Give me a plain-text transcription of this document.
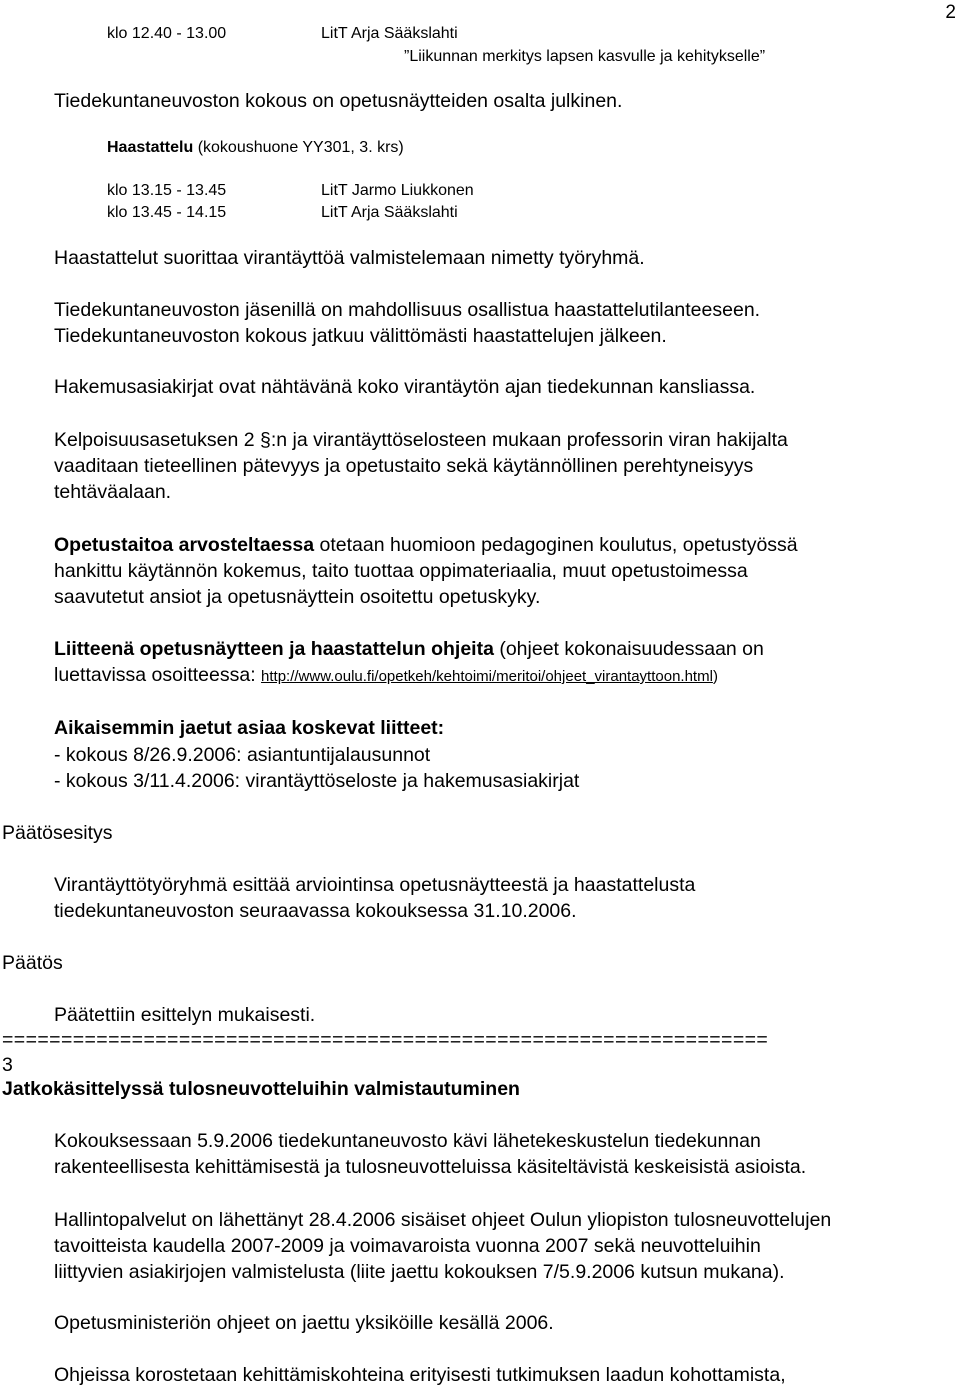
2
klo 12.40 - 13.00	LitT Arja Sääkslahti
”Liikunnan merkitys lapsen kasvulle ja kehitykselle”
Tiedekuntaneuvoston kokous on opetusnäytteiden osalta julkinen.
Haastattelu (kokoushuone YY301, 3. krs)
klo 13.15 - 13.45	LitT Jarmo Liukkonen
klo 13.45 - 14.15	LitT Arja Sääkslahti
Haastattelut suorittaa virantäyttöä valmistelemaan nimetty työryhmä.
Tiedekuntaneuvoston jäsenillä on mahdollisuus osallistua haastattelutilanteeseen.
Tiedekuntaneuvoston kokous jatkuu välittömästi haastattelujen jälkeen.
Hakemusasiakirjat ovat nähtävänä koko virantäytön ajan tiedekunnan kansliassa.
Kelpoisuusasetuksen 2 §:n ja virantäyttöselosteen mukaan professorin viran hakijalta
vaaditaan tieteellinen pätevyys ja opetustaito sekä käytännöllinen perehtyneisyys
tehtäväalaan.
Opetustaitoa arvosteltaessa otetaan huomioon pedagoginen koulutus, opetustyössä
hankittu käytännön kokemus, taito tuottaa oppimateriaalia, muut opetustoimessa
saavutetut ansiot ja opetusnäyttein osoitettu opetuskyky.
Liitteenä opetusnäytteen ja haastattelun ohjeita (ohjeet kokonaisuudessaan on
luettavissa osoitteessa: http://www.oulu.fi/opetkeh/kehtoimi/meritoi/ohjeet_virantayttoon.html)
Aikaisemmin jaetut asiaa koskevat liitteet:
- kokous 8/26.9.2006: asiantuntijalausunnot
- kokous 3/11.4.2006: virantäyttöseloste ja hakemusasiakirjat
Päätösesitys
Virantäyttötyöryhmä esittää arviointinsa opetusnäytteestä ja haastattelusta
tiedekuntaneuvoston seuraavassa kokouksessa 31.10.2006.
Päätös
Päätettiin esittelyn mukaisesti.
=================================================================
3
Jatkokäsittelyssä tulosneuvotteluihin valmistautuminen
Kokouksessaan 5.9.2006 tiedekuntaneuvosto kävi lähetekeskustelun tiedekunnan
rakenteellisesta kehittämisestä ja tulosneuvotteluissa käsiteltävistä keskeisistä asioista.
Hallintopalvelut on lähettänyt 28.4.2006 sisäiset ohjeet Oulun yliopiston tulosneuvottelujen
tavoitteista kaudella 2007-2009 ja voimavaroista vuonna 2007 sekä neuvotteluihin
liittyvien asiakirjojen valmistelusta (liite jaettu kokouksen 7/5.9.2006 kutsun mukana).
Opetusministeriön ohjeet on jaettu yksiköille kesällä 2006.
Ohjeissa korostetaan kehittämiskohteina erityisesti tutkimuksen laadun kohottamista,
